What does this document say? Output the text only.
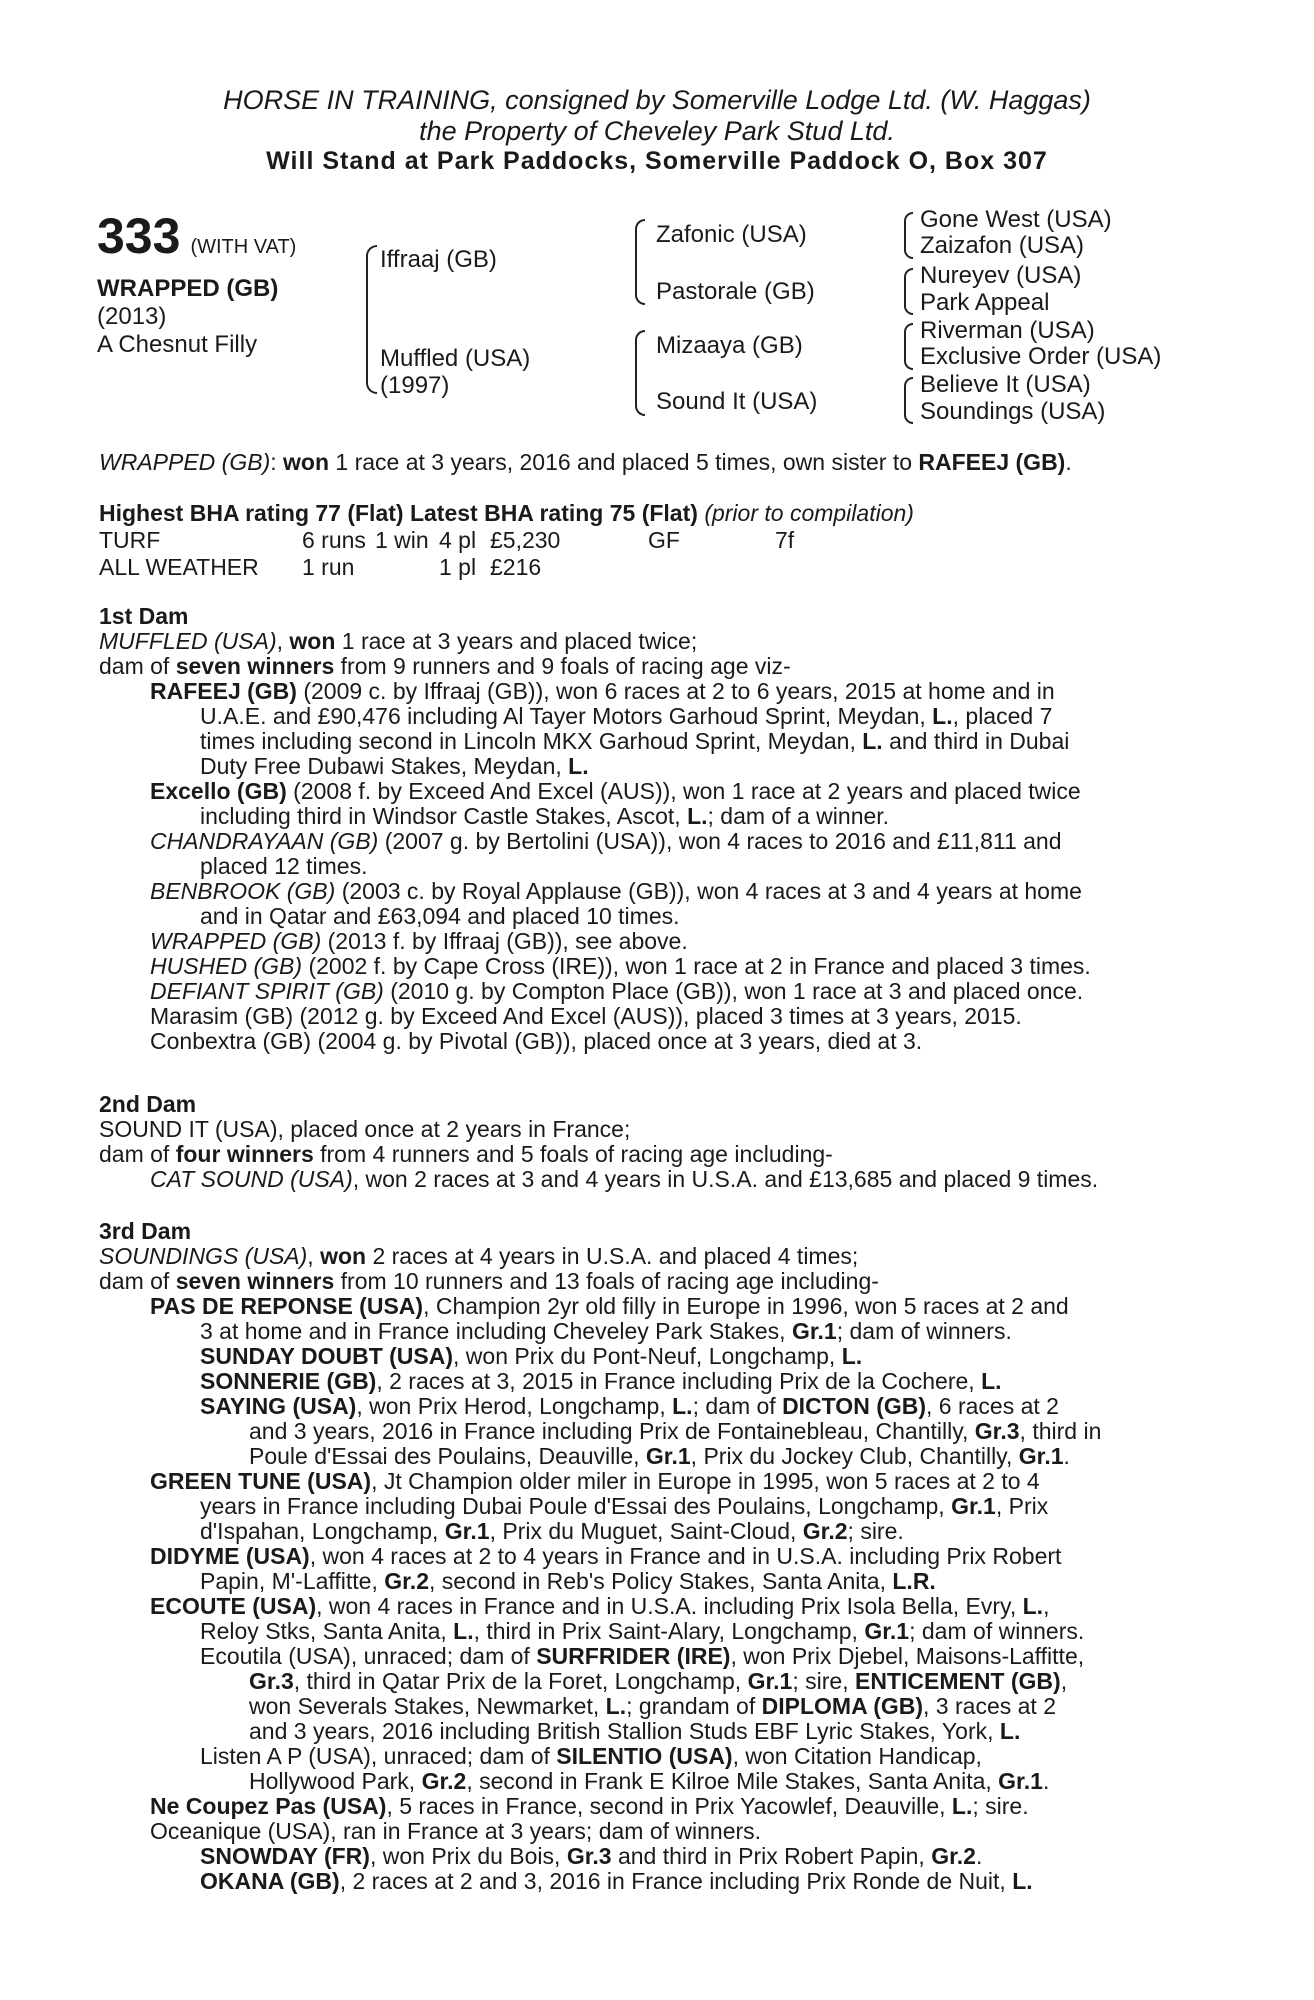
HORSE IN TRAINING, consigned by Somerville Lodge Ltd. (W. Haggas)
the Property of Cheveley Park Stud Ltd.
Will Stand at Park Paddocks, Somerville Paddock O, Box 307
333 (WITH VAT)
WRAPPED (GB)
(2013)
A Chesnut Filly
Iffraaj (GB)
Muffled (USA)
(1997)
Zafonic (USA)
Pastorale (GB)
Mizaaya (GB)
Sound It (USA)
Gone West (USA)
Zaizafon (USA)
Nureyev (USA)
Park Appeal
Riverman (USA)
Exclusive Order (USA)
Believe It (USA)
Soundings (USA)
WRAPPED (GB): won 1 race at 3 years, 2016 and placed 5 times, own sister to RAFEEJ (GB).
Highest BHA rating 77 (Flat) Latest BHA rating 75 (Flat) (prior to compilation)
TURF	6 runs	1 win	4 pl	£5,230	GF	7f
ALL WEATHER	1 run		1 pl	£216		
1st Dam
MUFFLED (USA), won 1 race at 3 years and placed twice;
dam of seven winners from 9 runners and 9 foals of racing age viz-
RAFEEJ (GB) (2009 c. by Iffraaj (GB)), won 6 races at 2 to 6 years, 2015 at home and in
U.A.E. and £90,476 including Al Tayer Motors Garhoud Sprint, Meydan, L., placed 7
times including second in Lincoln MKX Garhoud Sprint, Meydan, L. and third in Dubai
Duty Free Dubawi Stakes, Meydan, L.
Excello (GB) (2008 f. by Exceed And Excel (AUS)), won 1 race at 2 years and placed twice
including third in Windsor Castle Stakes, Ascot, L.; dam of a winner.
CHANDRAYAAN (GB) (2007 g. by Bertolini (USA)), won 4 races to 2016 and £11,811 and
placed 12 times.
BENBROOK (GB) (2003 c. by Royal Applause (GB)), won 4 races at 3 and 4 years at home
and in Qatar and £63,094 and placed 10 times.
WRAPPED (GB) (2013 f. by Iffraaj (GB)), see above.
HUSHED (GB) (2002 f. by Cape Cross (IRE)), won 1 race at 2 in France and placed 3 times.
DEFIANT SPIRIT (GB) (2010 g. by Compton Place (GB)), won 1 race at 3 and placed once.
Marasim (GB) (2012 g. by Exceed And Excel (AUS)), placed 3 times at 3 years, 2015.
Conbextra (GB) (2004 g. by Pivotal (GB)), placed once at 3 years, died at 3.
2nd Dam
SOUND IT (USA), placed once at 2 years in France;
dam of four winners from 4 runners and 5 foals of racing age including-
CAT SOUND (USA), won 2 races at 3 and 4 years in U.S.A. and £13,685 and placed 9 times.
3rd Dam
SOUNDINGS (USA), won 2 races at 4 years in U.S.A. and placed 4 times;
dam of seven winners from 10 runners and 13 foals of racing age including-
PAS DE REPONSE (USA), Champion 2yr old filly in Europe in 1996, won 5 races at 2 and
3 at home and in France including Cheveley Park Stakes, Gr.1; dam of winners.
SUNDAY DOUBT (USA), won Prix du Pont-Neuf, Longchamp, L.
SONNERIE (GB), 2 races at 3, 2015 in France including Prix de la Cochere, L.
SAYING (USA), won Prix Herod, Longchamp, L.; dam of DICTON (GB), 6 races at 2
and 3 years, 2016 in France including Prix de Fontainebleau, Chantilly, Gr.3, third in
Poule d'Essai des Poulains, Deauville, Gr.1, Prix du Jockey Club, Chantilly, Gr.1.
GREEN TUNE (USA), Jt Champion older miler in Europe in 1995, won 5 races at 2 to 4
years in France including Dubai Poule d'Essai des Poulains, Longchamp, Gr.1, Prix
d'Ispahan, Longchamp, Gr.1, Prix du Muguet, Saint-Cloud, Gr.2; sire.
DIDYME (USA), won 4 races at 2 to 4 years in France and in U.S.A. including Prix Robert
Papin, M'-Laffitte, Gr.2, second in Reb's Policy Stakes, Santa Anita, L.R.
ECOUTE (USA), won 4 races in France and in U.S.A. including Prix Isola Bella, Evry, L.,
Reloy Stks, Santa Anita, L., third in Prix Saint-Alary, Longchamp, Gr.1; dam of winners.
Ecoutila (USA), unraced; dam of SURFRIDER (IRE), won Prix Djebel, Maisons-Laffitte,
Gr.3, third in Qatar Prix de la Foret, Longchamp, Gr.1; sire, ENTICEMENT (GB),
won Severals Stakes, Newmarket, L.; grandam of DIPLOMA (GB), 3 races at 2
and 3 years, 2016 including British Stallion Studs EBF Lyric Stakes, York, L.
Listen A P (USA), unraced; dam of SILENTIO (USA), won Citation Handicap,
Hollywood Park, Gr.2, second in Frank E Kilroe Mile Stakes, Santa Anita, Gr.1.
Ne Coupez Pas (USA), 5 races in France, second in Prix Yacowlef, Deauville, L.; sire.
Oceanique (USA), ran in France at 3 years; dam of winners.
SNOWDAY (FR), won Prix du Bois, Gr.3 and third in Prix Robert Papin, Gr.2.
OKANA (GB), 2 races at 2 and 3, 2016 in France including Prix Ronde de Nuit, L.
